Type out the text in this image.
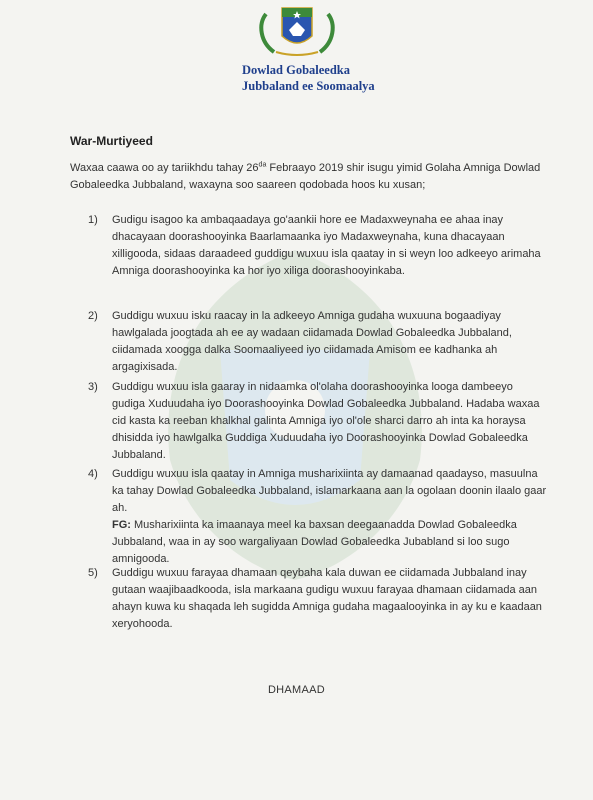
Dowlad Gobaleedka
Jubbaland ee Soomaalya
War-Murtiyeed
Waxaa caawa oo ay tariikhdu tahay $26^{da}$ Febraayo 2019 shir isugu yimid Golaha Amniga Dowlad Gobaleedka Jubbaland, waxayna soo saareen qodobada hoos ku xusan;
1)	Gudigu isagoo ka ambaqaadaya go'aankii hore ee Madaxweynaha ee ahaa inay dhacayaan doorashooyinka Baarlamaanka iyo Madaxweynaha, kuna dhacayaan xilligooda, sidaas daraadeed guddigu wuxuu isla qaatay in si weyn loo adkeeyo arimaha Amniga doorashooyinka ka hor iyo xiliga doorashooyinkaba.
2)	Guddigu wuxuu isku raacay in la adkeeyo Amniga gudaha wuxuuna bogaadiyay hawlgalada joogtada ah ee ay wadaan ciidamada Dowlad Gobaleedka Jubbaland, ciidamada xoogga dalka Soomaaliyeed iyo ciidamada Amisom ee kadhanka ah argagixisada.
3)	Guddigu wuxuu isla gaaray in nidaamka ol'olaha doorashooyinka looga dambeeyo gudiga Xuduudaha iyo Doorashooyinka Dowlad Gobaleedka Jubbaland. Hadaba waxaa cid kasta ka reeban khalkhal galinta Amniga iyo ol'ole sharci darro ah inta ka horaysa dhisidda iyo hawlgalka Guddiga Xuduudaha iyo Doorashooyinka Dowlad Gobaleedka Jubbaland.
4)	Guddigu wuxuu isla qaatay in Amniga musharixiinta ay damaanad qaadayso, masuulna ka tahay Dowlad Gobaleedka Jubbaland, islamarkaana aan la ogolaan doonin ilaalo gaar ah.
FG: Musharixiinta ka imaanaya meel ka baxsan deegaanadda Dowlad Gobaleedka Jubbaland, waa in ay soo wargaliyaan Dowlad Gobaleedka Jubabland si loo sugo amnigooda.
5)	Guddigu wuxuu farayaa dhamaan qeybaha kala duwan ee ciidamada Jubbaland inay gutaan waajibaadkooda, isla markaana gudigu wuxuu farayaa dhamaan ciidamada aan ahayn kuwa ku shaqada leh sugidda Amniga gudaha magaalooyinka in ay ku e kaadaan xeryohooda.
DHAMAAD
